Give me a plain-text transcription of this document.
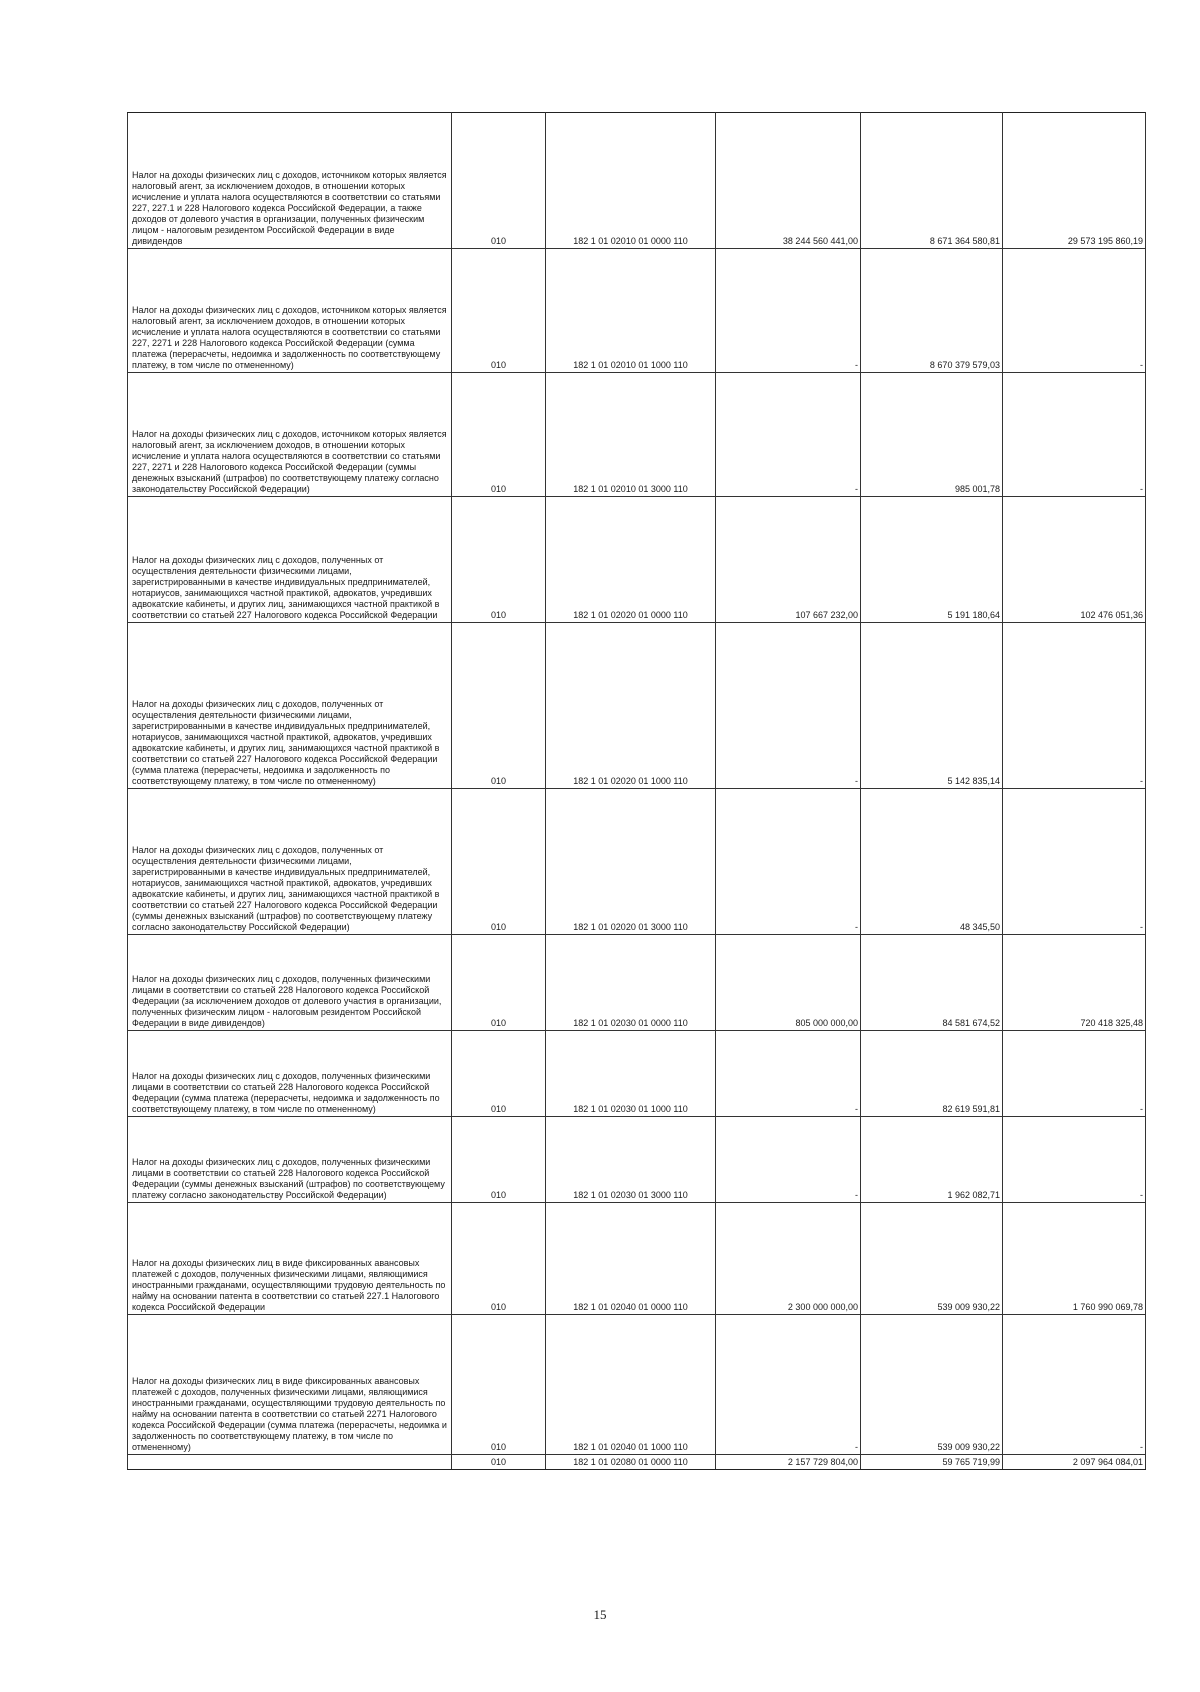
Налог на доходы физических лиц с доходов, источником которых является налоговый агент, за исключением доходов, в отношении которых исчисление и уплата налога осуществляются в соответствии со статьями 227, 227.1 и 228 Налогового кодекса Российской Федерации, а также доходов от долевого участия в организации, полученных физическим лицом - налоговым резидентом Российской Федерации в виде дивидендов	010	182 1 01 02010 01 0000 110	38 244 560 441,00	8 671 364 580,81	29 573 195 860,19
Налог на доходы физических лиц с доходов, источником которых является налоговый агент, за исключением доходов, в отношении которых исчисление и уплата налога осуществляются в соответствии со статьями 227, 2271 и 228 Налогового кодекса Российской Федерации (сумма платежа (перерасчеты, недоимка и задолженность по соответствующему платежу, в том числе по отмененному)	010	182 1 01 02010 01 1000 110	-	8 670 379 579,03	-
Налог на доходы физических лиц с доходов, источником которых является налоговый агент, за исключением доходов, в отношении которых исчисление и уплата налога осуществляются в соответствии со статьями 227, 2271 и 228 Налогового кодекса Российской Федерации (суммы денежных взысканий (штрафов) по соответствующему платежу согласно законодательству Российской Федерации)	010	182 1 01 02010 01 3000 110	-	985 001,78	-
Налог на доходы физических лиц с доходов, полученных от осуществления деятельности физическими лицами, зарегистрированными в качестве индивидуальных предпринимателей, нотариусов, занимающихся частной практикой, адвокатов, учредивших адвокатские кабинеты, и других лиц, занимающихся частной практикой в соответствии со статьей 227 Налогового кодекса Российской Федерации	010	182 1 01 02020 01 0000 110	107 667 232,00	5 191 180,64	102 476 051,36
Налог на доходы физических лиц с доходов, полученных от осуществления деятельности физическими лицами, зарегистрированными в качестве индивидуальных предпринимателей, нотариусов, занимающихся частной практикой, адвокатов, учредивших адвокатские кабинеты, и других лиц, занимающихся частной практикой в соответствии со статьей 227 Налогового кодекса Российской Федерации (сумма платежа (перерасчеты, недоимка и задолженность по соответствующему платежу, в том числе по отмененному)	010	182 1 01 02020 01 1000 110	-	5 142 835,14	-
Налог на доходы физических лиц с доходов, полученных от осуществления деятельности физическими лицами, зарегистрированными в качестве индивидуальных предпринимателей, нотариусов, занимающихся частной практикой, адвокатов, учредивших адвокатские кабинеты, и других лиц, занимающихся частной практикой в соответствии со статьей 227 Налогового кодекса Российской Федерации (суммы денежных взысканий (штрафов) по соответствующему платежу согласно законодательству Российской Федерации)	010	182 1 01 02020 01 3000 110	-	48 345,50	-
Налог на доходы физических лиц с доходов, полученных физическими лицами в соответствии со статьей 228 Налогового кодекса Российской Федерации (за исключением доходов от долевого участия в организации, полученных физическим лицом - налоговым резидентом Российской Федерации в виде дивидендов)	010	182 1 01 02030 01 0000 110	805 000 000,00	84 581 674,52	720 418 325,48
Налог на доходы физических лиц с доходов, полученных физическими лицами в соответствии со статьей 228 Налогового кодекса Российской Федерации (сумма платежа (перерасчеты, недоимка и задолженность по соответствующему платежу, в том числе по отмененному)	010	182 1 01 02030 01 1000 110	-	82 619 591,81	-
Налог на доходы физических лиц с доходов, полученных физическими лицами в соответствии со статьей 228 Налогового кодекса Российской Федерации (суммы денежных взысканий (штрафов) по соответствующему платежу согласно законодательству Российской Федерации)	010	182 1 01 02030 01 3000 110	-	1 962 082,71	-
Налог на доходы физических лиц в виде фиксированных авансовых платежей с доходов, полученных физическими лицами, являющимися иностранными гражданами, осуществляющими трудовую деятельность по найму на основании патента в соответствии со статьей 227.1 Налогового кодекса Российской Федерации	010	182 1 01 02040 01 0000 110	2 300 000 000,00	539 009 930,22	1 760 990 069,78
Налог на доходы физических лиц в виде фиксированных авансовых платежей с доходов, полученных физическими лицами, являющимися иностранными гражданами, осуществляющими трудовую деятельность по найму на основании патента в соответствии со статьей 2271 Налогового кодекса Российской Федерации (сумма платежа (перерасчеты, недоимка и задолженность по соответствующему платежу, в том числе по отмененному)	010	182 1 01 02040 01 1000 110	-	539 009 930,22	-
	010	182 1 01 02080 01 0000 110	2 157 729 804,00	59 765 719,99	2 097 964 084,01
15
